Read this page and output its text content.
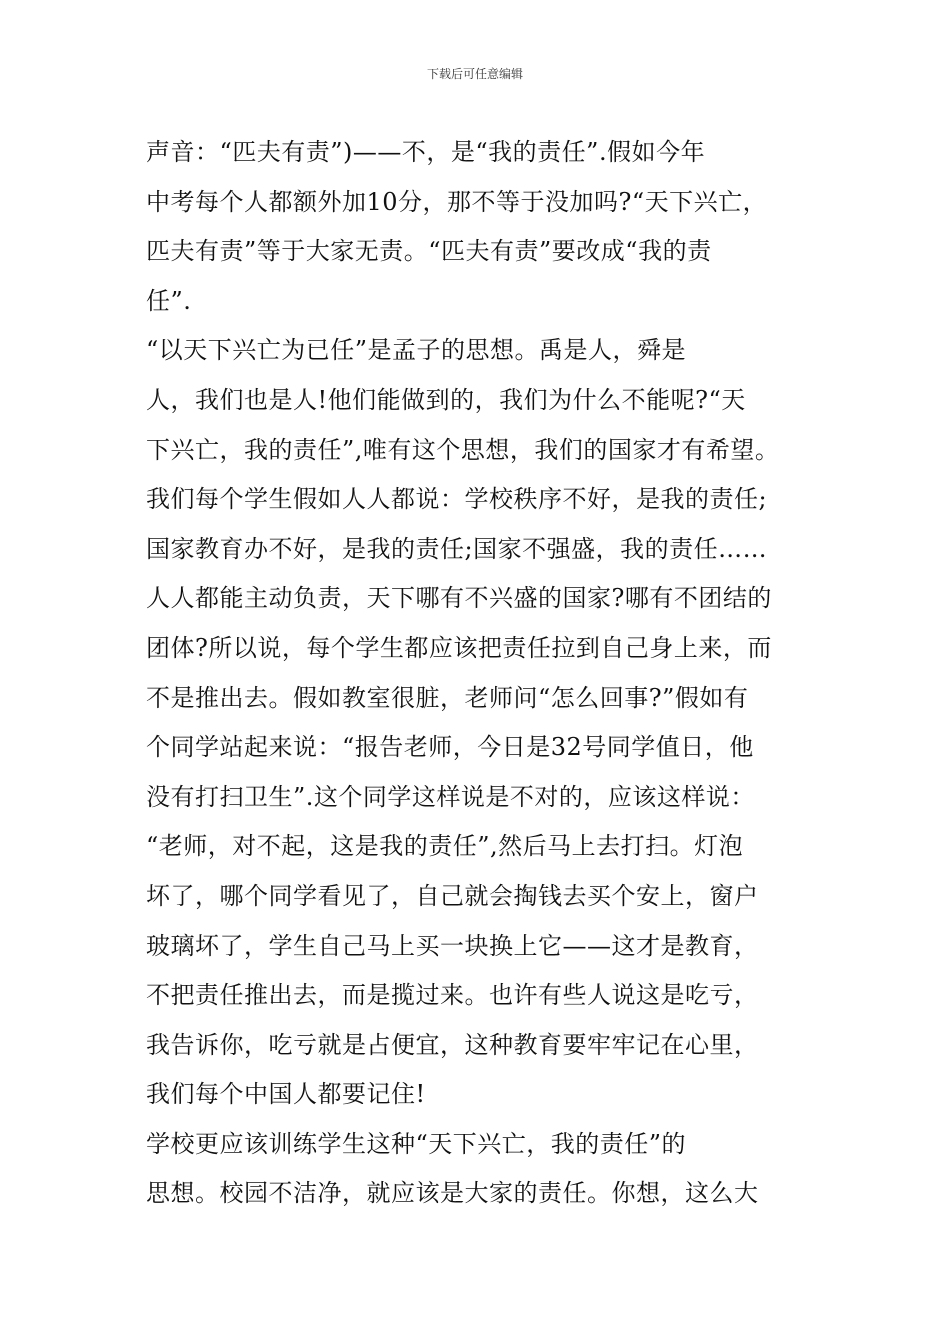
下载后可任意编辑
声音：“匹夫有责”)——不，是“我的责任”.假如今年
中考每个人都额外加10分，那不等于没加吗?“天下兴亡，
匹夫有责”等于大家无责。“匹夫有责”要改成“我的责
任”.
“以天下兴亡为已任”是孟子的思想。禹是人，舜是
人，我们也是人!他们能做到的，我们为什么不能呢?“天
下兴亡，我的责任”,唯有这个思想，我们的国家才有希望。
我们每个学生假如人人都说：学校秩序不好，是我的责任;
国家教育办不好，是我的责任;国家不强盛，我的责任……
人人都能主动负责，天下哪有不兴盛的国家?哪有不团结的
团体?所以说，每个学生都应该把责任拉到自己身上来，而
不是推出去。假如教室很脏，老师问“怎么回事?”假如有
个同学站起来说：“报告老师，今日是32号同学值日，他
没有打扫卫生”.这个同学这样说是不对的，应该这样说：
“老师，对不起，这是我的责任”,然后马上去打扫。灯泡
坏了，哪个同学看见了，自己就会掏钱去买个安上，窗户
玻璃坏了，学生自己马上买一块换上它——这才是教育，
不把责任推出去，而是揽过来。也许有些人说这是吃亏，
我告诉你，吃亏就是占便宜，这种教育要牢牢记在心里，
我们每个中国人都要记住!
学校更应该训练学生这种“天下兴亡，我的责任”的
思想。校园不洁净，就应该是大家的责任。你想，这么大
